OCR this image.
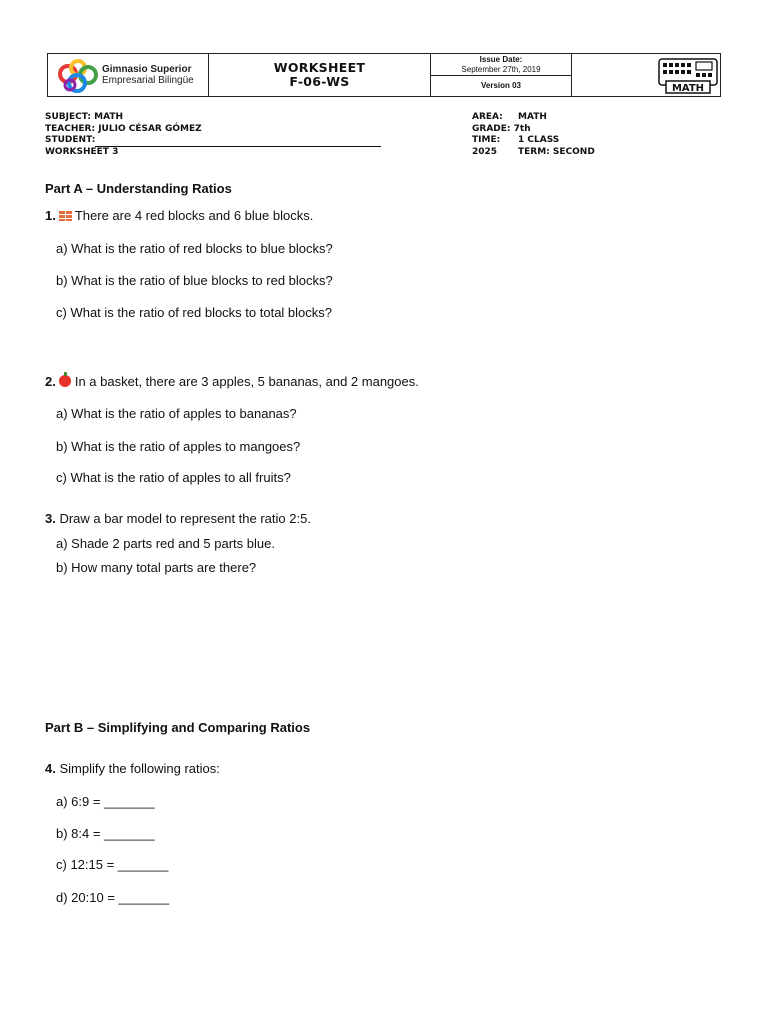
Gimnasio Superior
Empresarial Bilingüe
WORKSHEET
F-06-WS
Issue Date:
September 27th, 2019
Version 03	MATH
SUBJECT: MATH
TEACHER: JULIO CÉSAR GÓMEZ
STUDENT:
WORKSHEET 3
AREA: MATH
GRADE: 7th
TIME: 1 CLASS
2025 TERM: SECOND
Part A – Understanding Ratios
1. There are 4 red blocks and 6 blue blocks.
a) What is the ratio of red blocks to blue blocks?
b) What is the ratio of blue blocks to red blocks?
c) What is the ratio of red blocks to total blocks?
2. In a basket, there are 3 apples, 5 bananas, and 2 mangoes.
a) What is the ratio of apples to bananas?
b) What is the ratio of apples to mangoes?
c) What is the ratio of apples to all fruits?
3. Draw a bar model to represent the ratio 2:5.
a) Shade 2 parts red and 5 parts blue.
b) How many total parts are there?
Part B – Simplifying and Comparing Ratios
4. Simplify the following ratios:
a) 6:9 = _______
b) 8:4 = _______
c) 12:15 = _______
d) 20:10 = _______
